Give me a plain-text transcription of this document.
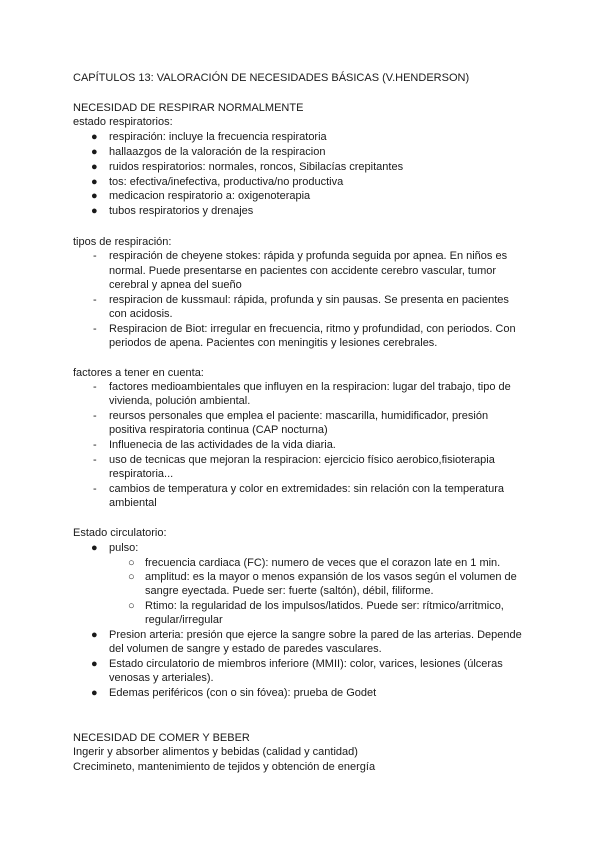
CAPÍTULOS 13: VALORACIÓN DE NECESIDADES BÁSICAS (V.HENDERSON)
NECESIDAD DE RESPIRAR NORMALMENTE
estado respiratorios:
● respiración: incluye la frecuencia respiratoria
● hallaazgos de la valoración de la respiracion
● ruidos respiratorios: normales, roncos, Sibilacías crepitantes
● tos: efectiva/inefectiva, productiva/no productiva
● medicacion respiratorio a: oxigenoterapia
● tubos respiratorios y drenajes
tipos de respiración:
- respiración de cheyene stokes: rápida y profunda seguida por apnea. En niños es
normal. Puede presentarse en pacientes con accidente cerebro vascular, tumor
cerebral y apnea del sueño
- respiracion de kussmaul: rápida, profunda y sin pausas. Se presenta en pacientes
con acidosis.
- Respiracion de Biot: irregular en frecuencia, ritmo y profundidad, con periodos. Con
periodos de apena. Pacientes con meningitis y lesiones cerebrales.
factores a tener en cuenta:
- factores medioambientales que influyen en la respiracion: lugar del trabajo, tipo de
vivienda, polución ambiental.
- reursos personales que emplea el paciente: mascarilla, humidificador, presión
positiva respiratoria continua (CAP nocturna)
- Influenecia de las actividades de la vida diaria.
- uso de tecnicas que mejoran la respiracion: ejercicio físico aerobico,fisioterapia
respiratoria...
- cambios de temperatura y color en extremidades: sin relación con la temperatura
ambiental
Estado circulatorio:
● pulso:
○ frecuencia cardiaca (FC): numero de veces que el corazon late en 1 min.
○ amplitud: es la mayor o menos expansión de los vasos según el volumen de
sangre eyectada. Puede ser: fuerte (saltón), débil, filiforme.
○ Rtimo: la regularidad de los impulsos/latidos. Puede ser: rítmico/arritmico,
regular/irregular
● Presion arteria: presión que ejerce la sangre sobre la pared de las arterias. Depende
del volumen de sangre y estado de paredes vasculares.
● Estado circulatorio de miembros inferiore (MMII): color, varices, lesiones (úlceras
venosas y arteriales).
● Edemas periféricos (con o sin fóvea): prueba de Godet
NECESIDAD DE COMER Y BEBER
Ingerir y absorber alimentos y bebidas (calidad y cantidad)
Crecimineto, mantenimiento de tejidos y obtención de energía
